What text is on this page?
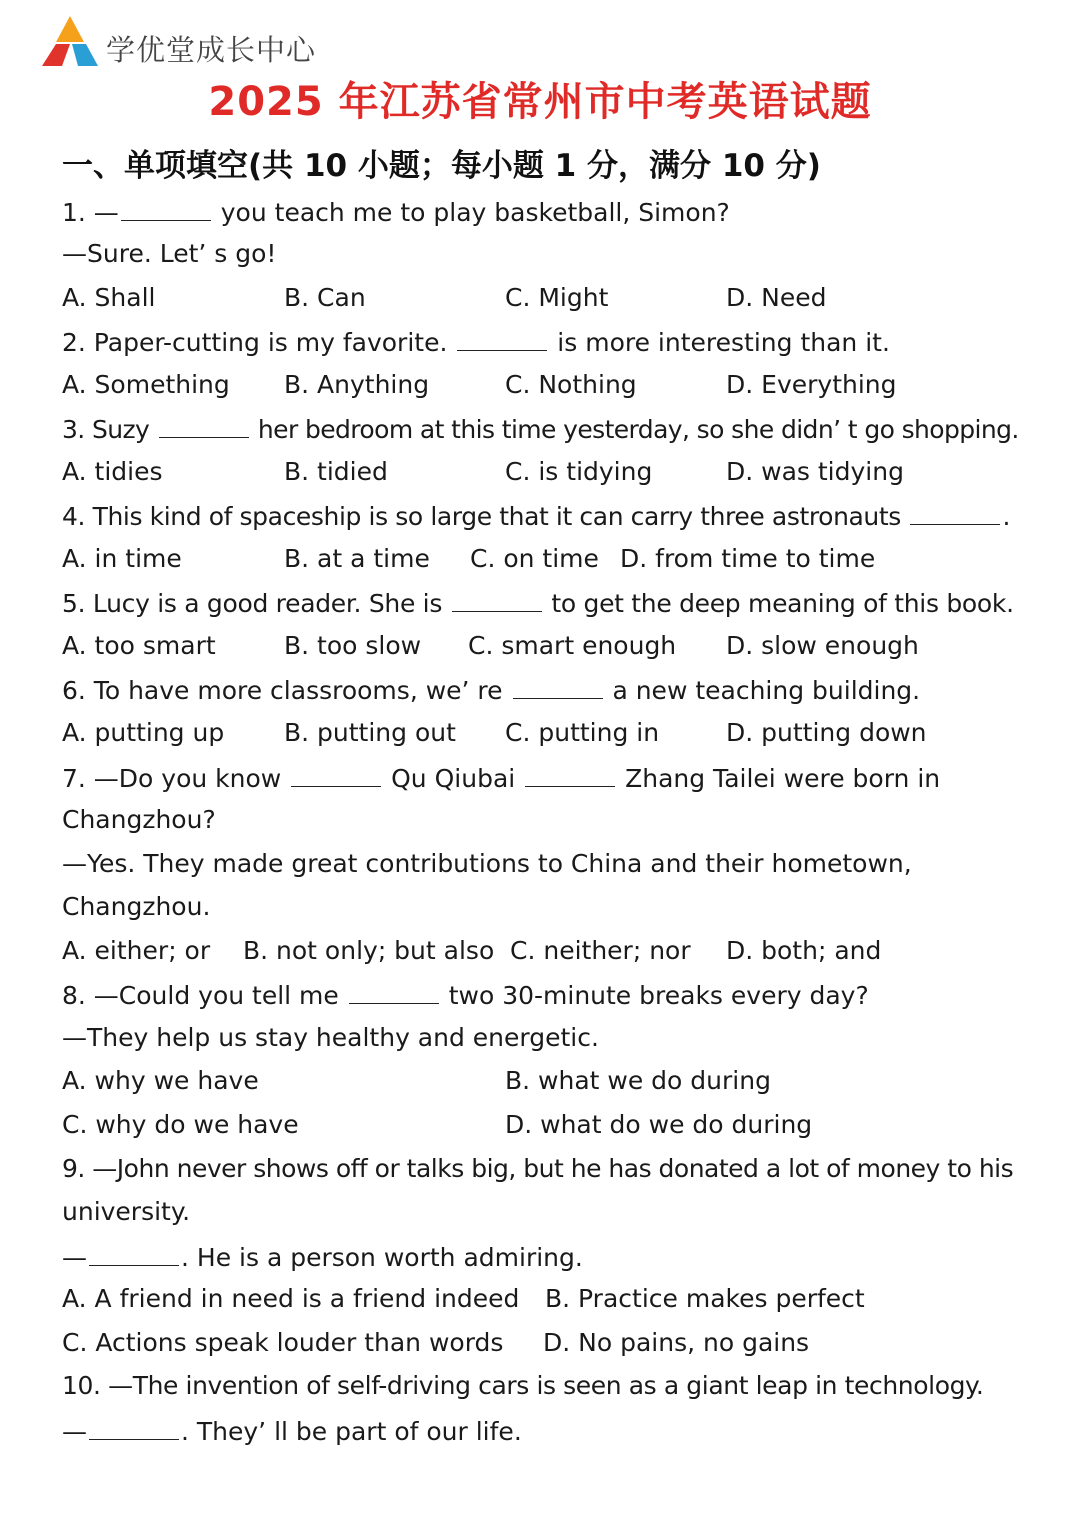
学优堂成长中心
2025 年江苏省常州市中考英语试题
一、单项填空(共 10 小题；每小题 1 分，满分 10 分)
1. —	you teach me to play basketball, Simon?
—Sure. Let’ s go!
A. Shall	B. Can	C. Might	D. Need
2. Paper-cutting is my favorite.	is more interesting than it.
A. Something B. Anything	C. Nothing	D. Everything
3. Suzy	her bedroom at this time yesterday, so she didn’ t go shopping.
A. tidies	B. tidied	C. is tidying	D. was tidying
4. This kind of spaceship is so large that it can carry three astronauts	.
A. in time	B. at a time C. on time D. from time to time
5. Lucy is a good reader. She is	to get the deep meaning of this book.
A. too smart	B. too slow C. smart enough D. slow enough
6. To have more classrooms, we’ re	a new teaching building.
A. putting up B. putting out C. putting in	D. putting down
7. —Do you know	Qu Qiubai	Zhang Tailei were born in
Changzhou?
—Yes. They made great contributions to China and their hometown,
Changzhou.
A. either; or B. not only; but also C. neither; nor D. both; and
8. —Could you tell me	two 30-minute breaks every day?
—They help us stay healthy and energetic.
A. why we have	B. what we do during
C. why do we have	D. what do we do during
9. —John never shows off or talks big, but he has donated a lot of money to his
university.
—	. He is a person worth admiring.
A. A friend in need is a friend indeed B. Practice makes perfect
C. Actions speak louder than words D. No pains, no gains
10. —The invention of self-driving cars is seen as a giant leap in technology.
—	. They’ ll be part of our life.
